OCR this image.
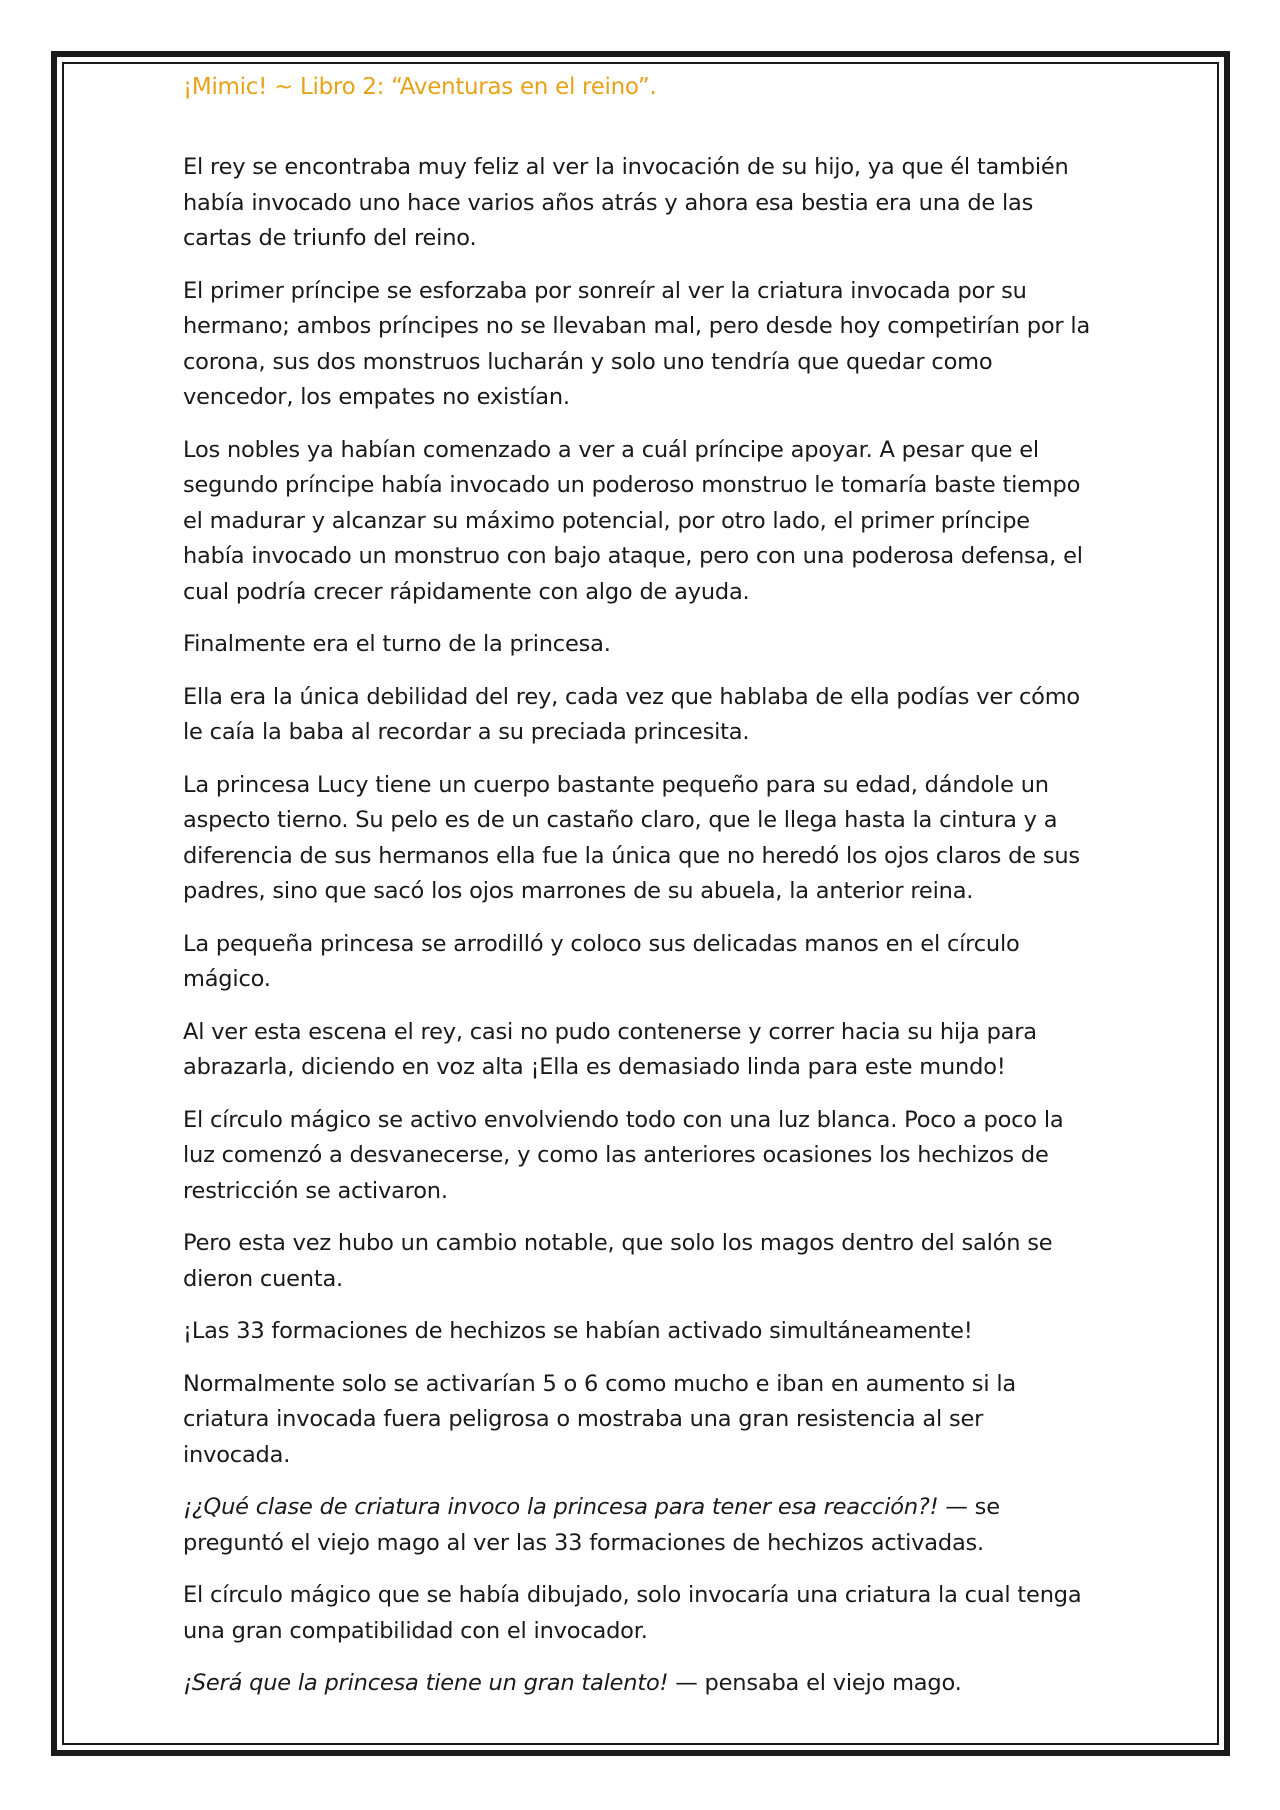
¡Mimic! ~ Libro 2: “Aventuras en el reino”.

El rey se encontraba muy feliz al ver la invocación de su hijo, ya que él también había invocado uno hace varios años atrás y ahora esa bestia era una de las cartas de triunfo del reino.

El primer príncipe se esforzaba por sonreír al ver la criatura invocada por su hermano; ambos príncipes no se llevaban mal, pero desde hoy competirían por la corona, sus dos monstruos lucharán y solo uno tendría que quedar como vencedor, los empates no existían.

Los nobles ya habían comenzado a ver a cuál príncipe apoyar. A pesar que el segundo príncipe había invocado un poderoso monstruo le tomaría baste tiempo el madurar y alcanzar su máximo potencial, por otro lado, el primer príncipe había invocado un monstruo con bajo ataque, pero con una poderosa defensa, el cual podría crecer rápidamente con algo de ayuda.

Finalmente era el turno de la princesa.

Ella era la única debilidad del rey, cada vez que hablaba de ella podías ver cómo le caía la baba al recordar a su preciada princesita.

La princesa Lucy tiene un cuerpo bastante pequeño para su edad, dándole un aspecto tierno. Su pelo es de un castaño claro, que le llega hasta la cintura y a diferencia de sus hermanos ella fue la única que no heredó los ojos claros de sus padres, sino que sacó los ojos marrones de su abuela, la anterior reina.

La pequeña princesa se arrodilló y coloco sus delicadas manos en el círculo mágico.

Al ver esta escena el rey, casi no pudo contenerse y correr hacia su hija para abrazarla, diciendo en voz alta ¡Ella es demasiado linda para este mundo!

El círculo mágico se activo envolviendo todo con una luz blanca. Poco a poco la luz comenzó a desvanecerse, y como las anteriores ocasiones los hechizos de restricción se activaron.

Pero esta vez hubo un cambio notable, que solo los magos dentro del salón se dieron cuenta.

¡Las 33 formaciones de hechizos se habían activado simultáneamente!

Normalmente solo se activarían 5 o 6 como mucho e iban en aumento si la criatura invocada fuera peligrosa o mostraba una gran resistencia al ser invocada.

¡¿Qué clase de criatura invoco la princesa para tener esa reacción?! — se preguntó el viejo mago al ver las 33 formaciones de hechizos activadas.

El círculo mágico que se había dibujado, solo invocaría una criatura la cual tenga una gran compatibilidad con el invocador.

¡Será que la princesa tiene un gran talento! — pensaba el viejo mago.
